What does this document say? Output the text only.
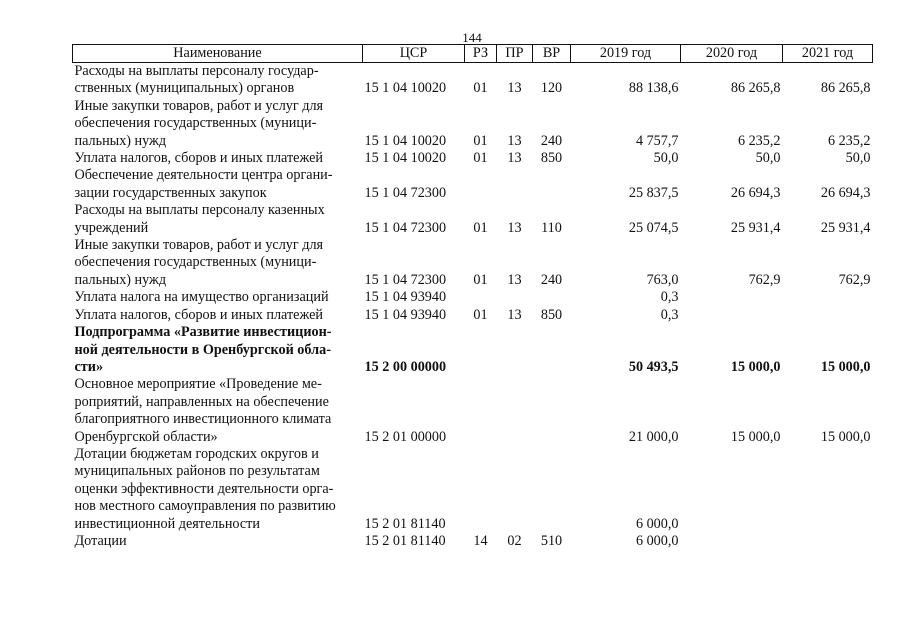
144
Наименование	ЦСР	РЗ	ПР	ВР	2019 год	2020 год	2021 год

Расходы на выплаты персоналу государ-
ственных (муниципальных) органов	15 1 04 10020	01	13	120	88 138,6	86 265,8	86 265,8

Иные закупки товаров, работ и услуг для
обеспечения государственных (муници-
пальных) нужд	15 1 04 10020	01	13	240	4 757,7	6 235,2	6 235,2

Уплата налогов, сборов и иных платежей	15 1 04 10020	01	13	850	50,0	50,0	50,0

Обеспечение деятельности центра органи-
зации государственных закупок	15 1 04 72300				25 837,5	26 694,3	26 694,3

Расходы на выплаты персоналу казенных
учреждений	15 1 04 72300	01	13	110	25 074,5	25 931,4	25 931,4

Иные закупки товаров, работ и услуг для
обеспечения государственных (муници-
пальных) нужд	15 1 04 72300	01	13	240	763,0	762,9	762,9

Уплата налога на имущество организаций	15 1 04 93940				0,3		

Уплата налогов, сборов и иных платежей	15 1 04 93940	01	13	850	0,3		

Подпрограмма «Развитие инвестицион-
ной деятельности в Оренбургской обла-
сти»	15 2 00 00000				50 493,5	15 000,0	15 000,0

Основное мероприятие «Проведение ме-
роприятий, направленных на обеспечение
благоприятного инвестиционного климата
Оренбургской области»	15 2 01 00000				21 000,0	15 000,0	15 000,0

Дотации бюджетам городских округов и
муниципальных районов по результатам
оценки эффективности деятельности орга-
нов местного самоуправления по развитию
инвестиционной деятельности	15 2 01 81140				6 000,0		

Дотации	15 2 01 81140	14	02	510	6 000,0		
